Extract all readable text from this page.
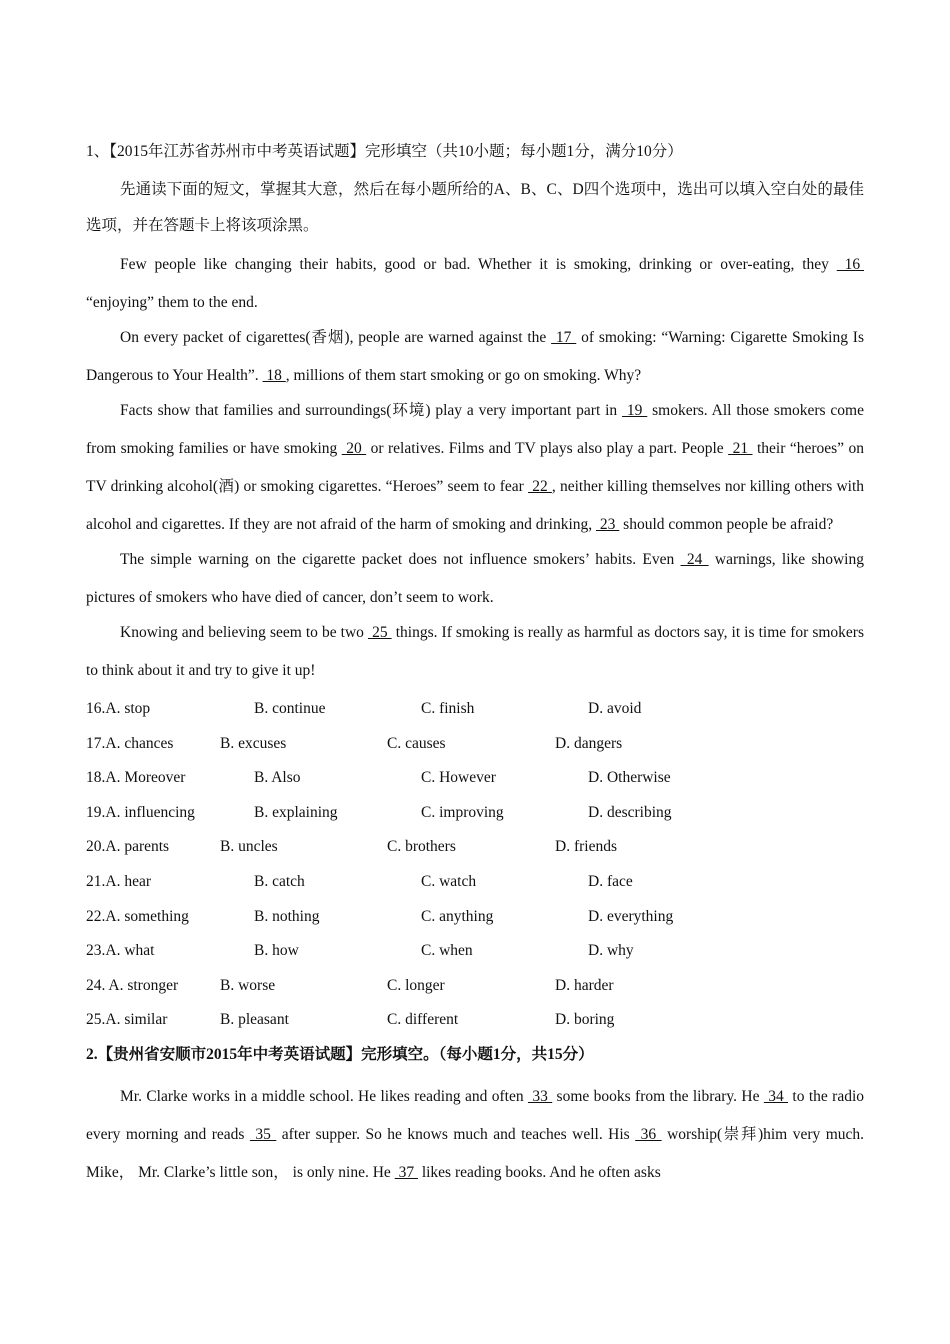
1、【2015年江苏省苏州市中考英语试题】完形填空（共10小题；每小题1分，满分10分）

先通读下面的短文，掌握其大意，然后在每小题所给的A、B、C、D四个选项中，选出可以填入空白处的最佳选项，并在答题卡上将该项涂黑。

Few people like changing their habits, good or bad. Whether it is smoking, drinking or over-eating, they  16  “enjoying” them to the end.

On every packet of cigarettes(香烟), people are warned against the  17  of smoking: “Warning: Cigarette Smoking Is Dangerous to Your Health”.  18 , millions of them start smoking or go on smoking. Why?

Facts show that families and surroundings(环境) play a very important part in  19  smokers. All those smokers come from smoking families or have smoking  20  or relatives. Films and TV plays also play a part. People  21  their “heroes” on TV drinking alcohol(酒) or smoking cigarettes. “Heroes” seem to fear  22 , neither killing themselves nor killing others with alcohol and cigarettes. If they are not afraid of the harm of smoking and drinking,  23  should common people be afraid?

The simple warning on the cigarette packet does not influence smokers’ habits. Even  24  warnings, like showing pictures of smokers who have died of cancer, don’t seem to work.

Knowing and believing seem to be two  25  things. If smoking is really as harmful as doctors say, it is time for smokers to think about it and try to give it up!

16.A. stop	B. continue	C. finish	D. avoid
17.A. chances	B. excuses	C. causes	D. dangers
18.A. Moreover	B. Also	C. However	D. Otherwise
19.A. influencing	B. explaining	C. improving	D. describing
20.A. parents	B. uncles	C. brothers	D. friends
21.A. hear	B. catch	C. watch	D. face
22.A. something	B. nothing	C. anything	D. everything
23.A. what	B. how	C. when	D. why
24. A. stronger	B. worse	C. longer	D. harder
25.A. similar	B. pleasant	C. different	D. boring
2.【贵州省安顺市2015年中考英语试题】完形填空。（每小题1分，共15分）

Mr. Clarke works in a middle school. He likes reading and often  33  some books from the library. He  34  to the radio every morning and reads  35  after supper. So he knows much and teaches well. His  36  worship(崇拜)him very much. Mike， Mr. Clarke’s little son， is only nine. He  37  likes reading books. And he often asks
